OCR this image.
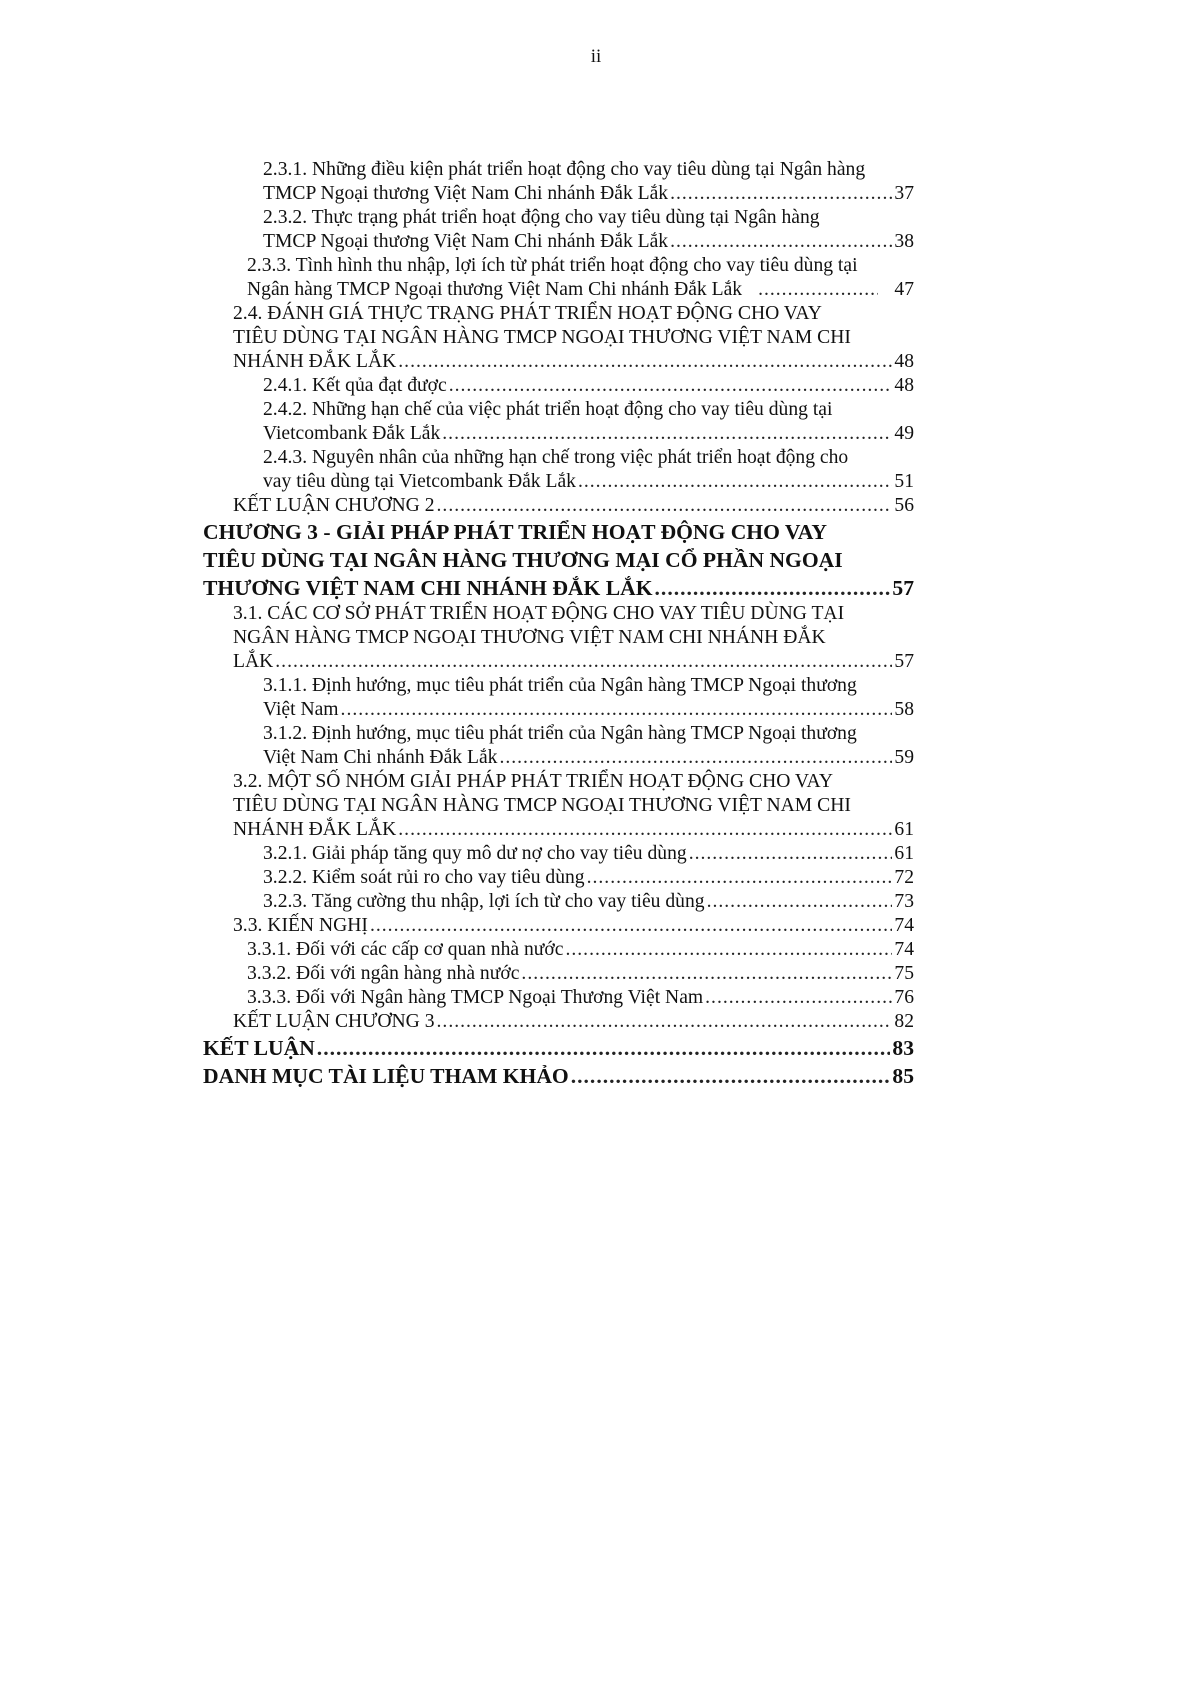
ii
2.3.1. Những điều kiện phát triển hoạt động cho vay tiêu dùng tại Ngân hàng
TMCP Ngoại thương Việt Nam Chi nhánh Đắk Lắk .....	37
2.3.2. Thực trạng phát triển hoạt động cho vay tiêu dùng tại Ngân hàng
TMCP Ngoại thương Việt Nam Chi nhánh Đắk Lắk .....	38
2.3.3. Tình hình thu nhập, lợi ích từ phát triển hoạt động cho vay tiêu dùng tại
Ngân hàng TMCP Ngoại thương Việt Nam Chi nhánh Đắk Lắk .....	47
2.4. ĐÁNH GIÁ THỰC TRẠNG PHÁT TRIỂN HOẠT ĐỘNG CHO VAY
TIÊU DÙNG TẠI NGÂN HÀNG TMCP NGOẠI THƯƠNG VIỆT NAM CHI
NHÁNH ĐẮK LẮK .....	48
2.4.1. Kết qủa đạt được .....	48
2.4.2. Những hạn chế của việc phát triển hoạt động cho vay tiêu dùng tại
Vietcombank Đắk Lắk .....	49
2.4.3. Nguyên nhân của những hạn chế trong việc phát triển hoạt động cho
vay tiêu dùng tại Vietcombank Đắk Lắk .....	51
KẾT LUẬN CHƯƠNG 2 .....	56
CHƯƠNG 3 - GIẢI PHÁP PHÁT TRIỂN HOẠT ĐỘNG CHO VAY
TIÊU DÙNG TẠI NGÂN HÀNG THƯƠNG MẠI CỔ PHẦN NGOẠI
THƯƠNG VIỆT NAM CHI NHÁNH ĐẮK LẮK .....	57
3.1. CÁC CƠ SỞ PHÁT TRIỂN HOẠT ĐỘNG CHO VAY TIÊU DÙNG TẠI
NGÂN HÀNG TMCP NGOẠI THƯƠNG VIỆT NAM CHI NHÁNH ĐẮK
LẮK .....	57
3.1.1. Định hướng, mục tiêu phát triển của Ngân hàng TMCP Ngoại thương
Việt Nam .....	58
3.1.2. Định hướng, mục tiêu phát triển của Ngân hàng TMCP Ngoại thương
Việt Nam Chi nhánh Đắk Lắk .....	59
3.2. MỘT SỐ NHÓM GIẢI PHÁP PHÁT TRIỂN HOẠT ĐỘNG CHO VAY
TIÊU DÙNG TẠI NGÂN HÀNG TMCP NGOẠI THƯƠNG VIỆT NAM CHI
NHÁNH ĐẮK LẮK .....	61
3.2.1. Giải pháp tăng quy mô dư nợ cho vay tiêu dùng .....	61
3.2.2. Kiểm soát rủi ro cho vay tiêu dùng .....	72
3.2.3. Tăng cường thu nhập, lợi ích từ cho vay tiêu dùng .....	73
3.3. KIẾN NGHỊ .....	74
3.3.1. Đối với các cấp cơ quan nhà nước .....	74
3.3.2. Đối với ngân hàng nhà nước .....	75
3.3.3. Đối với Ngân hàng TMCP Ngoại Thương Việt Nam .....	76
KẾT LUẬN CHƯƠNG 3 .....	82
KẾT LUẬN .....	83
DANH MỤC TÀI LIỆU THAM KHẢO .....	85
